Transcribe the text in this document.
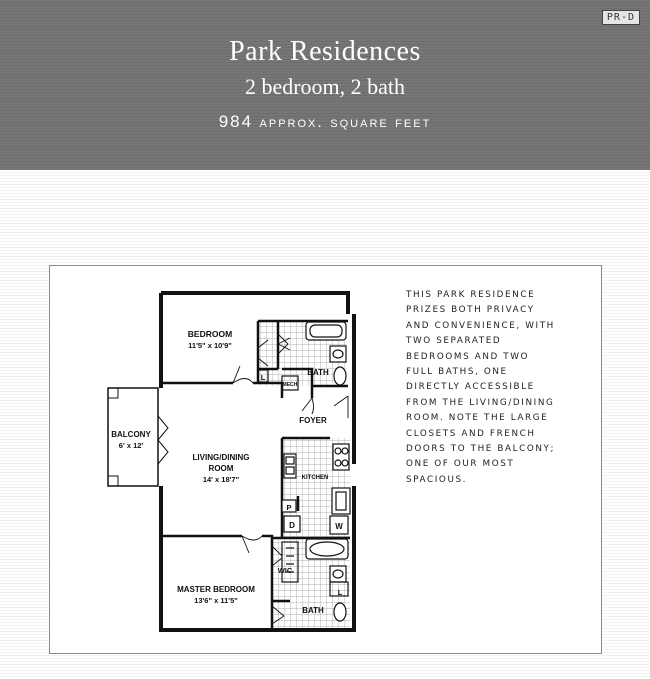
PR-D
Park Residences
2 bedroom, 2 bath
984 approx. square feet
BEDROOM
11'5" x 10'9"
BATH
L
MECH
FOYER
BALCONY
6' x 12'
LIVING/DINING
ROOM
14' x 18'7"	KITCHEN
P
D	W
WIC
MASTER BEDROOM
13'6" x 11'5"
BATH
L
THIS PARK RESIDENCE PRIZES BOTH PRIVACY AND CONVENIENCE, WITH TWO SEPARATED BEDROOMS AND TWO FULL BATHS, ONE DIRECTLY ACCESSIBLE FROM THE LIVING/DINING ROOM. NOTE THE LARGE CLOSETS AND FRENCH DOORS TO THE BALCONY; ONE OF OUR MOST SPACIOUS.
